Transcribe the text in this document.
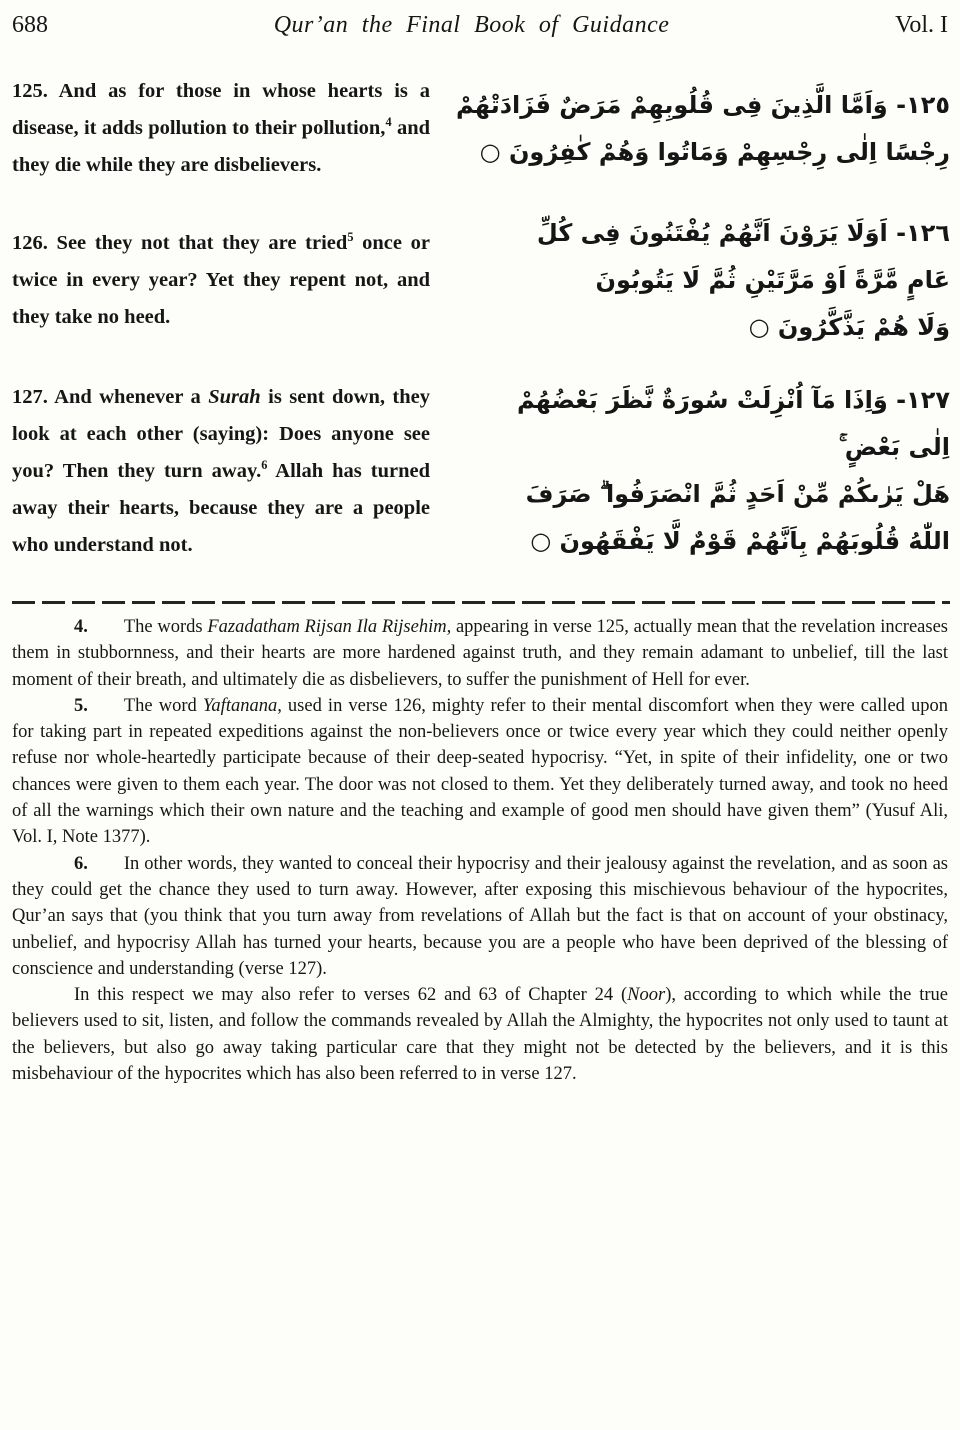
688	Qur’an the Final Book of Guidance	Vol. I
125. And as for those in whose hearts is a disease, it adds pollution to their pollution,$^4$ and they die while they are disbelievers.
١٢٥- وَاَمَّا الَّذِينَ فِى قُلُوبِهِمْ مَرَضٌ فَزَادَتْهُمْ
رِجْسًا اِلٰى رِجْسِهِمْ وَمَاتُوا وَهُمْ كٰفِرُونَ ○
126. See they not that they are tried$^5$ once or twice in every year? Yet they repent not, and they take no heed.
١٢٦- اَوَلَا يَرَوْنَ اَنَّهُمْ يُفْتَنُونَ فِى كُلِّ
عَامٍ مَّرَّةً اَوْ مَرَّتَيْنِ ثُمَّ لَا يَتُوبُونَ
وَلَا هُمْ يَذَّكَّرُونَ ○
127. And whenever a Surah is sent down, they look at each other (saying): Does anyone see you? Then they turn away.$^6$ Allah has turned away their hearts, because they are a people who understand not.
١٢٧- وَاِذَا مَآ اُنْزِلَتْ سُورَةٌ نَّظَرَ بَعْضُهُمْ
اِلٰى بَعْضٍ ۚ
هَلْ يَرٰىكُمْ مِّنْ اَحَدٍ ثُمَّ انْصَرَفُوا ۗ صَرَفَ
اللّٰهُ قُلُوبَهُمْ بِاَنَّهُمْ قَوْمٌ لَّا يَفْقَهُونَ ○

4. The words Fazadatham Rijsan Ila Rijsehim, appearing in verse 125, actually mean that the revelation increases them in stubbornness, and their hearts are more hardened against truth, and they remain adamant to unbelief, till the last moment of their breath, and ultimately die as disbelievers, to suffer the punishment of Hell for ever.

5. The word Yaftanana, used in verse 126, mighty refer to their mental discomfort when they were called upon for taking part in repeated expeditions against the non-believers once or twice every year which they could neither openly refuse nor whole-heartedly participate because of their deep-seated hypocrisy. “Yet, in spite of their infidelity, one or two chances were given to them each year. The door was not closed to them. Yet they deliberately turned away, and took no heed of all the warnings which their own nature and the teaching and example of good men should have given them” (Yusuf Ali, Vol. I, Note 1377).

6. In other words, they wanted to conceal their hypocrisy and their jealousy against the revelation, and as soon as they could get the chance they used to turn away. However, after exposing this mischievous behaviour of the hypocrites, Qur’an says that (you think that you turn away from revelations of Allah but the fact is that on account of your obstinacy, unbelief, and hypocrisy Allah has turned your hearts, because you are a people who have been deprived of the blessing of conscience and understanding (verse 127).

In this respect we may also refer to verses 62 and 63 of Chapter 24 (Noor), according to which while the true believers used to sit, listen, and follow the commands revealed by Allah the Almighty, the hypocrites not only used to taunt at the believers, but also go away taking particular care that they might not be detected by the believers, and it is this misbehaviour of the hypocrites which has also been referred to in verse 127.
